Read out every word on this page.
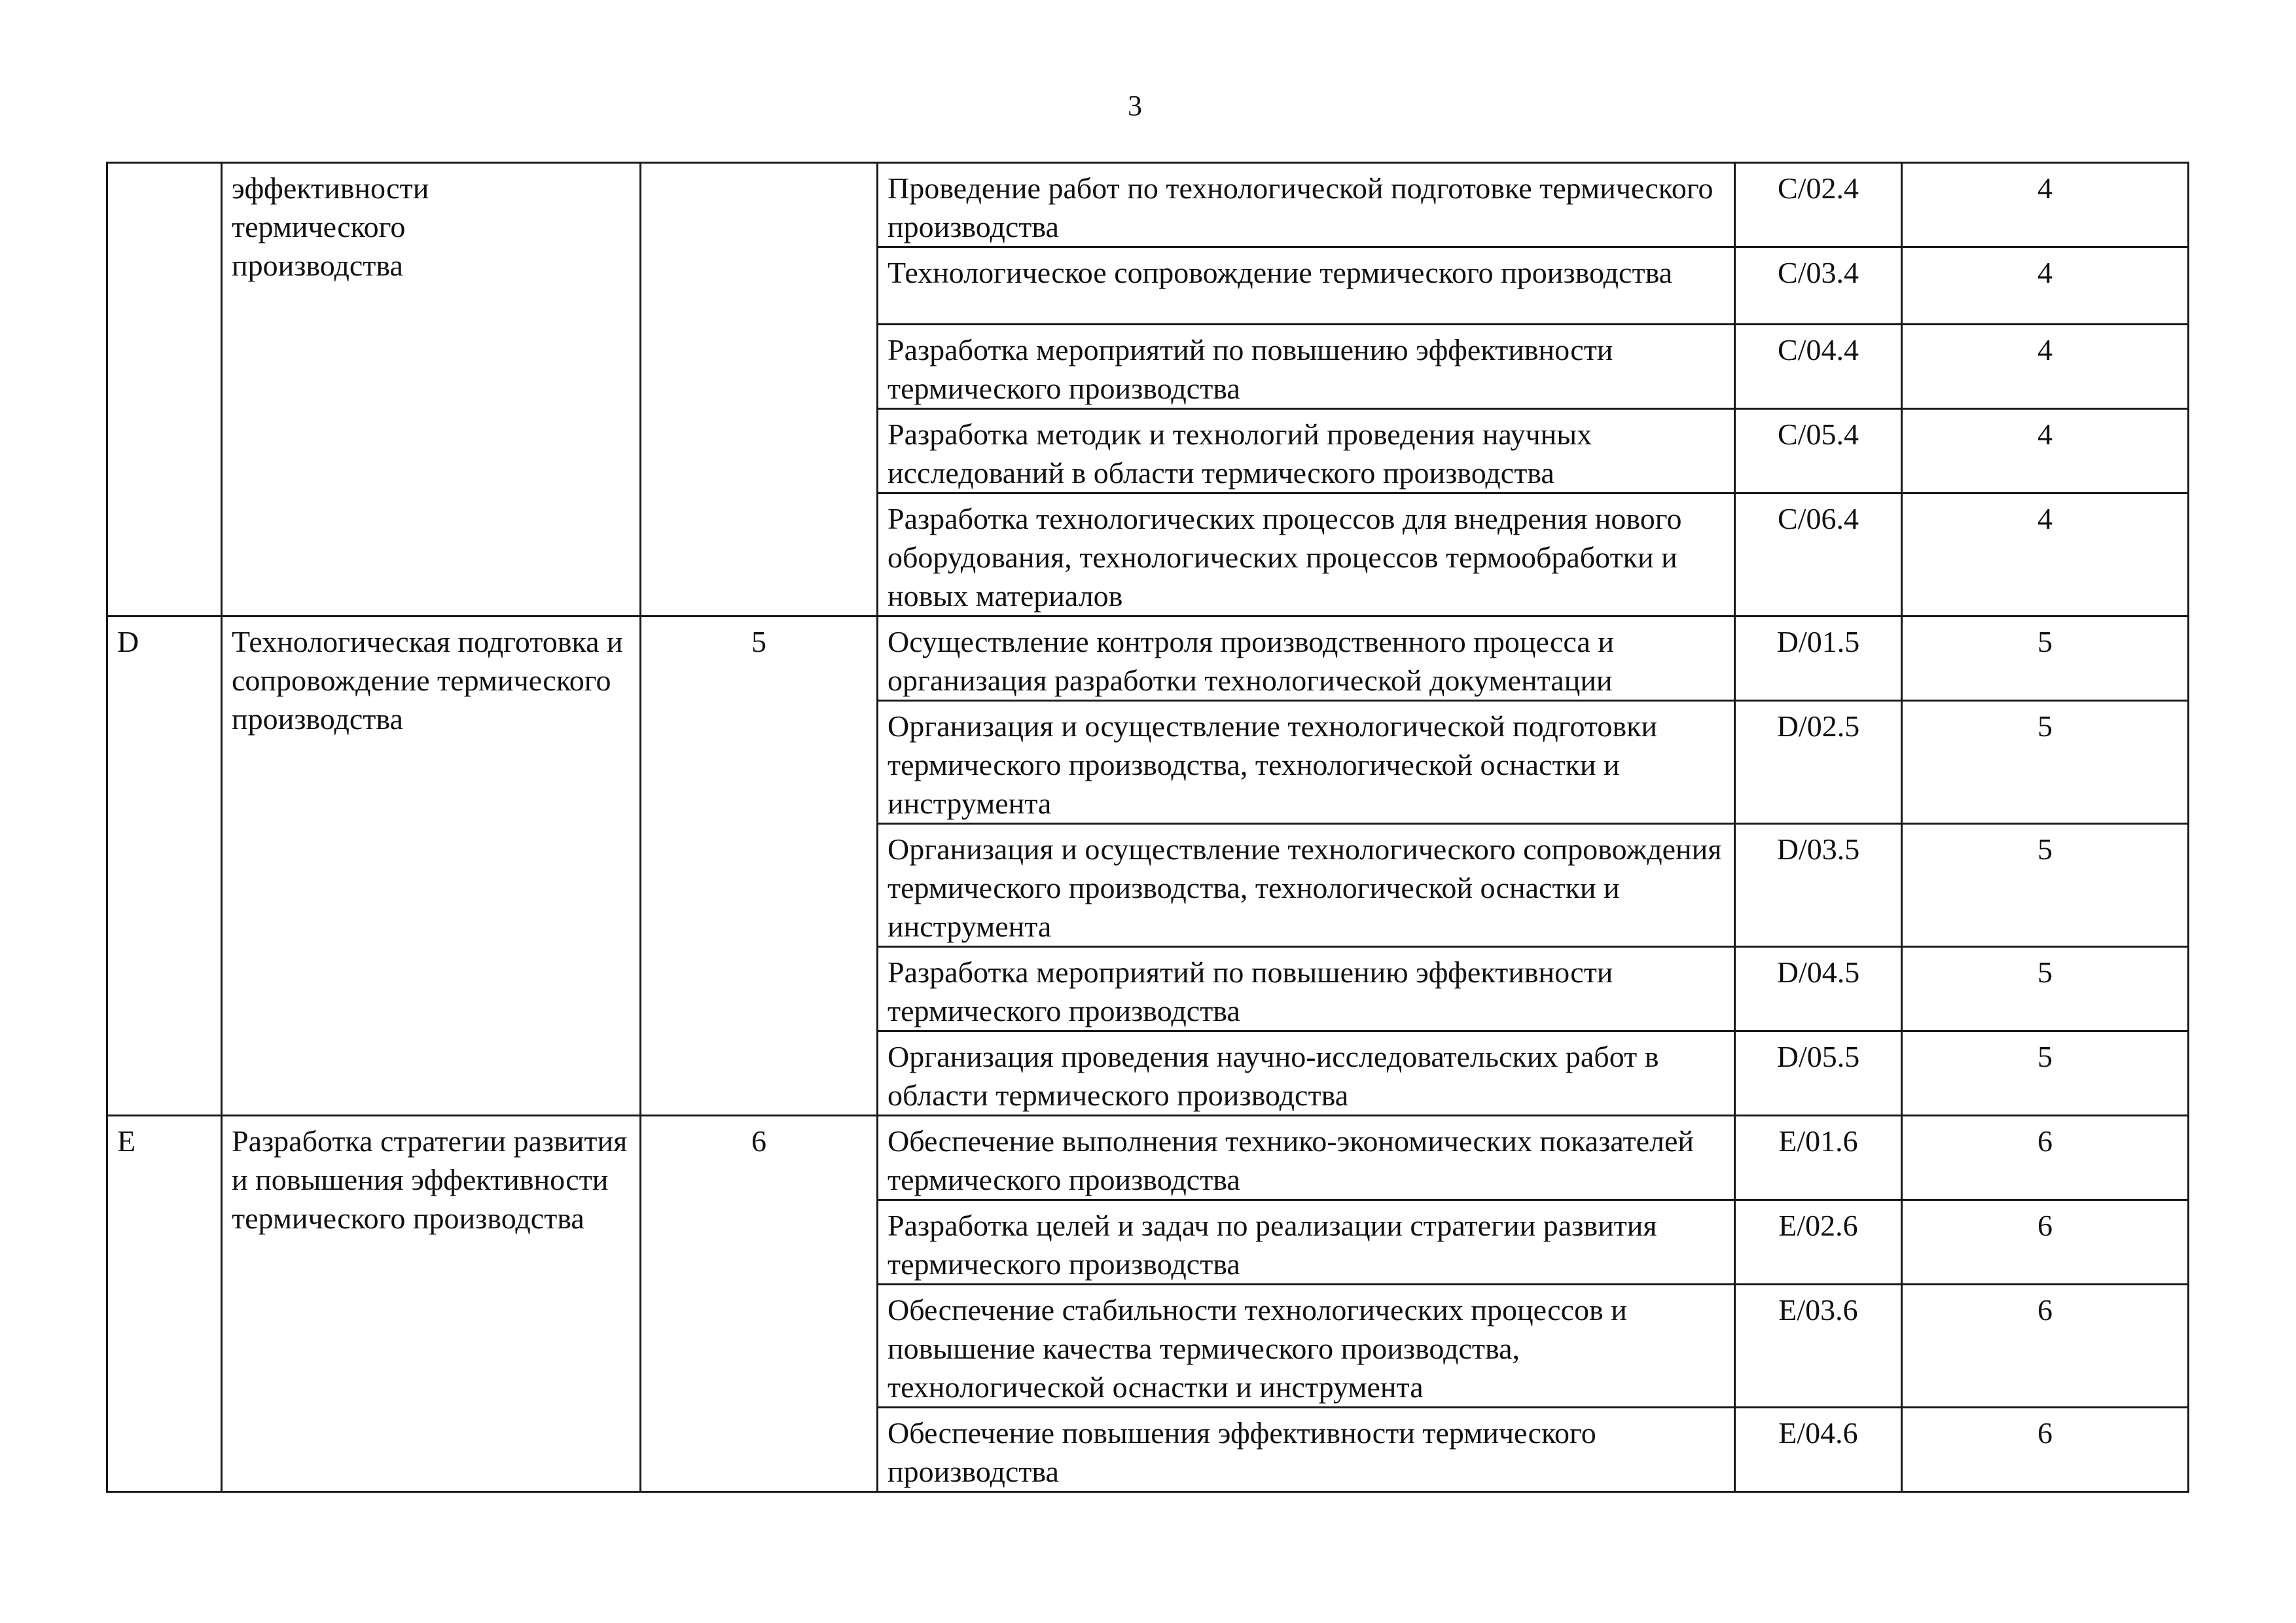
3
	эффективности
термического
производства		Проведение работ по технологической подготовке термического производства	C/02.4	4
			Технологическое сопровождение термического производства	C/03.4	4
			Разработка мероприятий по повышению эффективности термического производства	C/04.4	4
			Разработка методик и технологий проведения научных исследований в области термического производства	C/05.4	4
			Разработка технологических процессов для внедрения нового оборудования, технологических процессов термообработки и новых материалов	C/06.4	4
D	Технологическая подготовка и сопровождение термического производства	5	Осуществление контроля производственного процесса и организация разработки технологической документации	D/01.5	5
			Организация и осуществление технологической подготовки термического производства, технологической оснастки и инструмента	D/02.5	5
			Организация и осуществление технологического сопровождения термического производства, технологической оснастки и инструмента	D/03.5	5
			Разработка мероприятий по повышению эффективности термического производства	D/04.5	5
			Организация проведения научно-исследовательских работ в области термического производства	D/05.5	5
E	Разработка стратегии развития и повышения эффективности термического производства	6	Обеспечение выполнения технико-экономических показателей термического производства	E/01.6	6
			Разработка целей и задач по реализации стратегии развития термического производства	E/02.6	6
			Обеспечение стабильности технологических процессов и повышение качества термического производства, технологической оснастки и инструмента	E/03.6	6
			Обеспечение повышения эффективности термического производства	E/04.6	6
